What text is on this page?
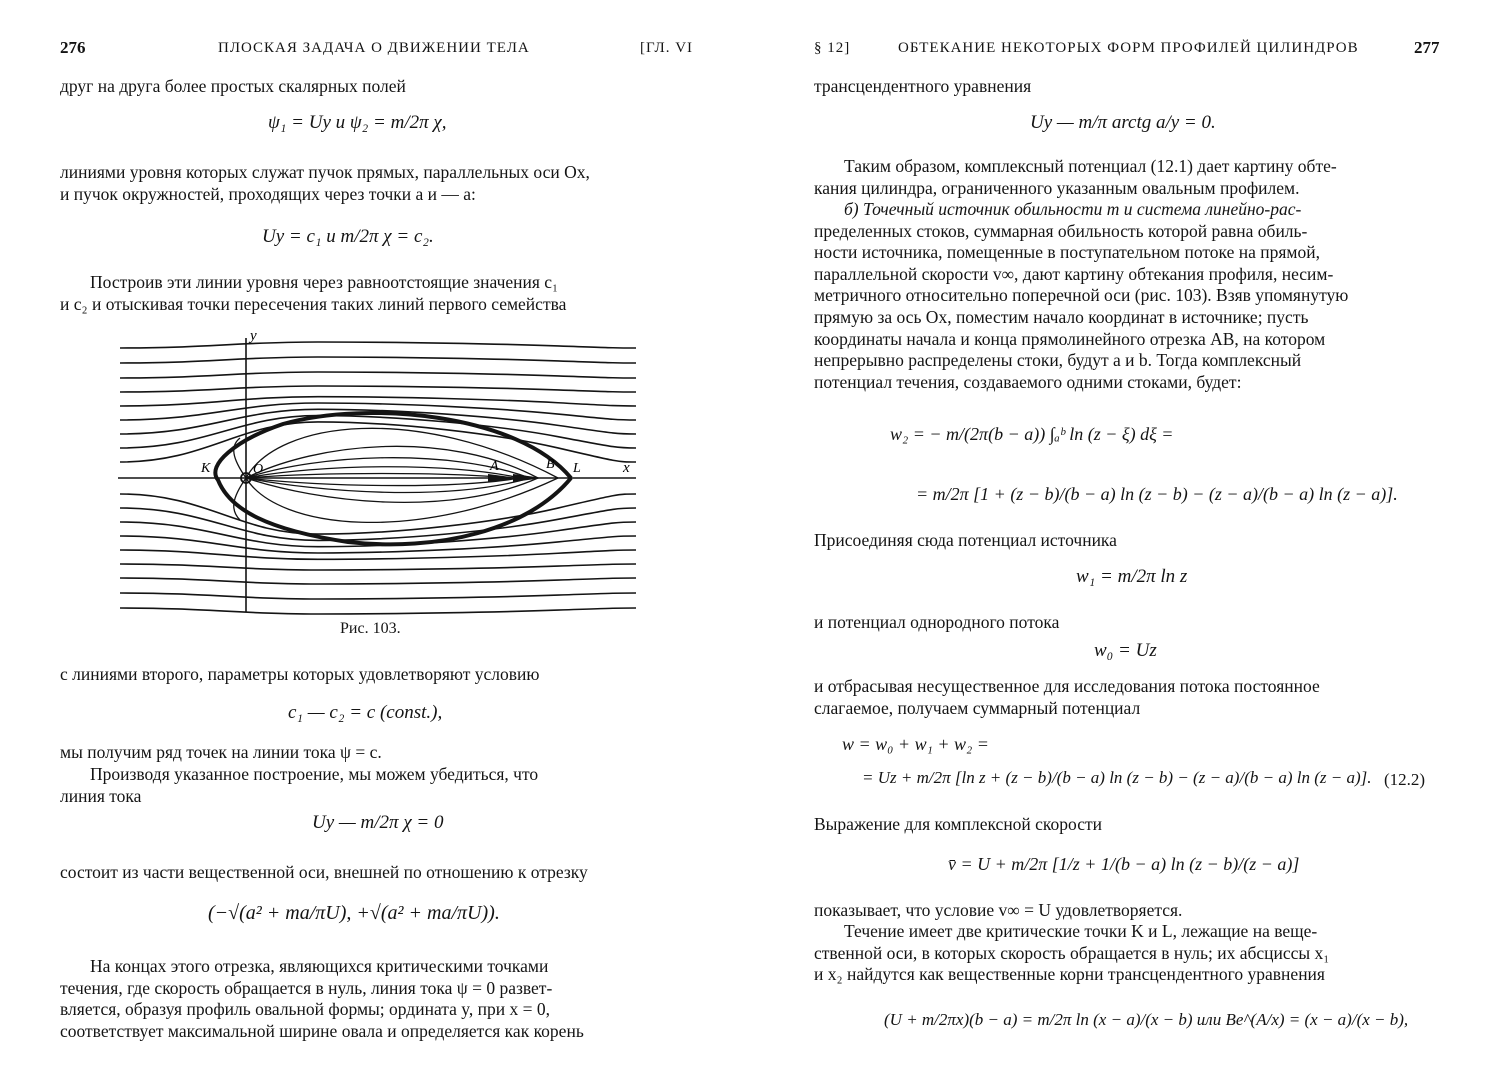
276	ПЛОСКАЯ ЗАДАЧА О ДВИЖЕНИИ ТЕЛА	[ГЛ. VI
друг на друга более простых скалярных полей
ψ₁ = Uy и ψ₂ = m/2π χ,
линиями уровня которых служат пучок прямых, параллельных оси Ox,
и пучок окружностей, проходящих через точки a и — a:
Uy = c₁ и m/2π χ = c₂.
Построив эти линии уровня через равноотстоящие значения c₁
и c₂ и отыскивая точки пересечения таких линий первого семейства
y
x
K	O	A	B L
Рис. 103.
с линиями второго, параметры которых удовлетворяют условию
c₁ — c₂ = c (const.),
мы получим ряд точек на линии тока ψ = c.
Производя указанное построение, мы можем убедиться, что
линия тока
Uy — m/2π χ = 0
состоит из части вещественной оси, внешней по отношению к отрезку
(−√(a² + ma/πU), +√(a² + ma/πU)).
На концах этого отрезка, являющихся критическими точками
течения, где скорость обращается в нуль, линия тока ψ = 0 развет-
вляется, образуя профиль овальной формы; ордината y, при x = 0,
соответствует максимальной ширине овала и определяется как корень
§ 12]	ОБТЕКАНИЕ НЕКОТОРЫХ ФОРМ ПРОФИЛЕЙ ЦИЛИНДРОВ	277
трансцендентного уравнения
Uy — m/π arctg a/y = 0.
Таким образом, комплексный потенциал (12.1) дает картину обте-
кания цилиндра, ограниченного указанным овальным профилем.
б) Точечный источник обильности m и система линейно-рас-
пределенных стоков, суммарная обильность которой равна обиль-
ности источника, помещенные в поступательном потоке на прямой,
параллельной скорости v∞, дают картину обтекания профиля, несим-
метричного относительно поперечной оси (рис. 103). Взяв упомянутую
прямую за ось Ox, поместим начало координат в источнике; пусть
координаты начала и конца прямолинейного отрезка AB, на котором
непрерывно распределены стоки, будут a и b. Тогда комплексный
потенциал течения, создаваемого одними стоками, будет:
w₂ = − m/(2π(b − a)) ∫ₐᵇ ln (z − ξ) dξ =
= m/2π [1 + (z − b)/(b − a) ln (z − b) − (z − a)/(b − a) ln (z − a)].
Присоединяя сюда потенциал источника
w₁ = m/2π ln z
и потенциал однородного потока
w₀ = Uz
и отбрасывая несущественное для исследования потока постоянное
слагаемое, получаем суммарный потенциал
w = w₀ + w₁ + w₂ =
= Uz + m/2π [ln z + (z − b)/(b − a) ln (z − b) − (z − a)/(b − a) ln (z − a)]. (12.2)
Выражение для комплексной скорости
v̄ = U + m/2π [1/z + 1/(b − a) ln (z − b)/(z − a)]
показывает, что условие v∞ = U удовлетворяется.
Течение имеет две критические точки K и L, лежащие на веще-
ственной оси, в которых скорость обращается в нуль; их абсциссы x₁
и x₂ найдутся как вещественные корни трансцендентного уравнения
(U + m/2πx)(b − a) = m/2π ln (x − a)/(x − b) или Be^(A/x) = (x − a)/(x − b),
